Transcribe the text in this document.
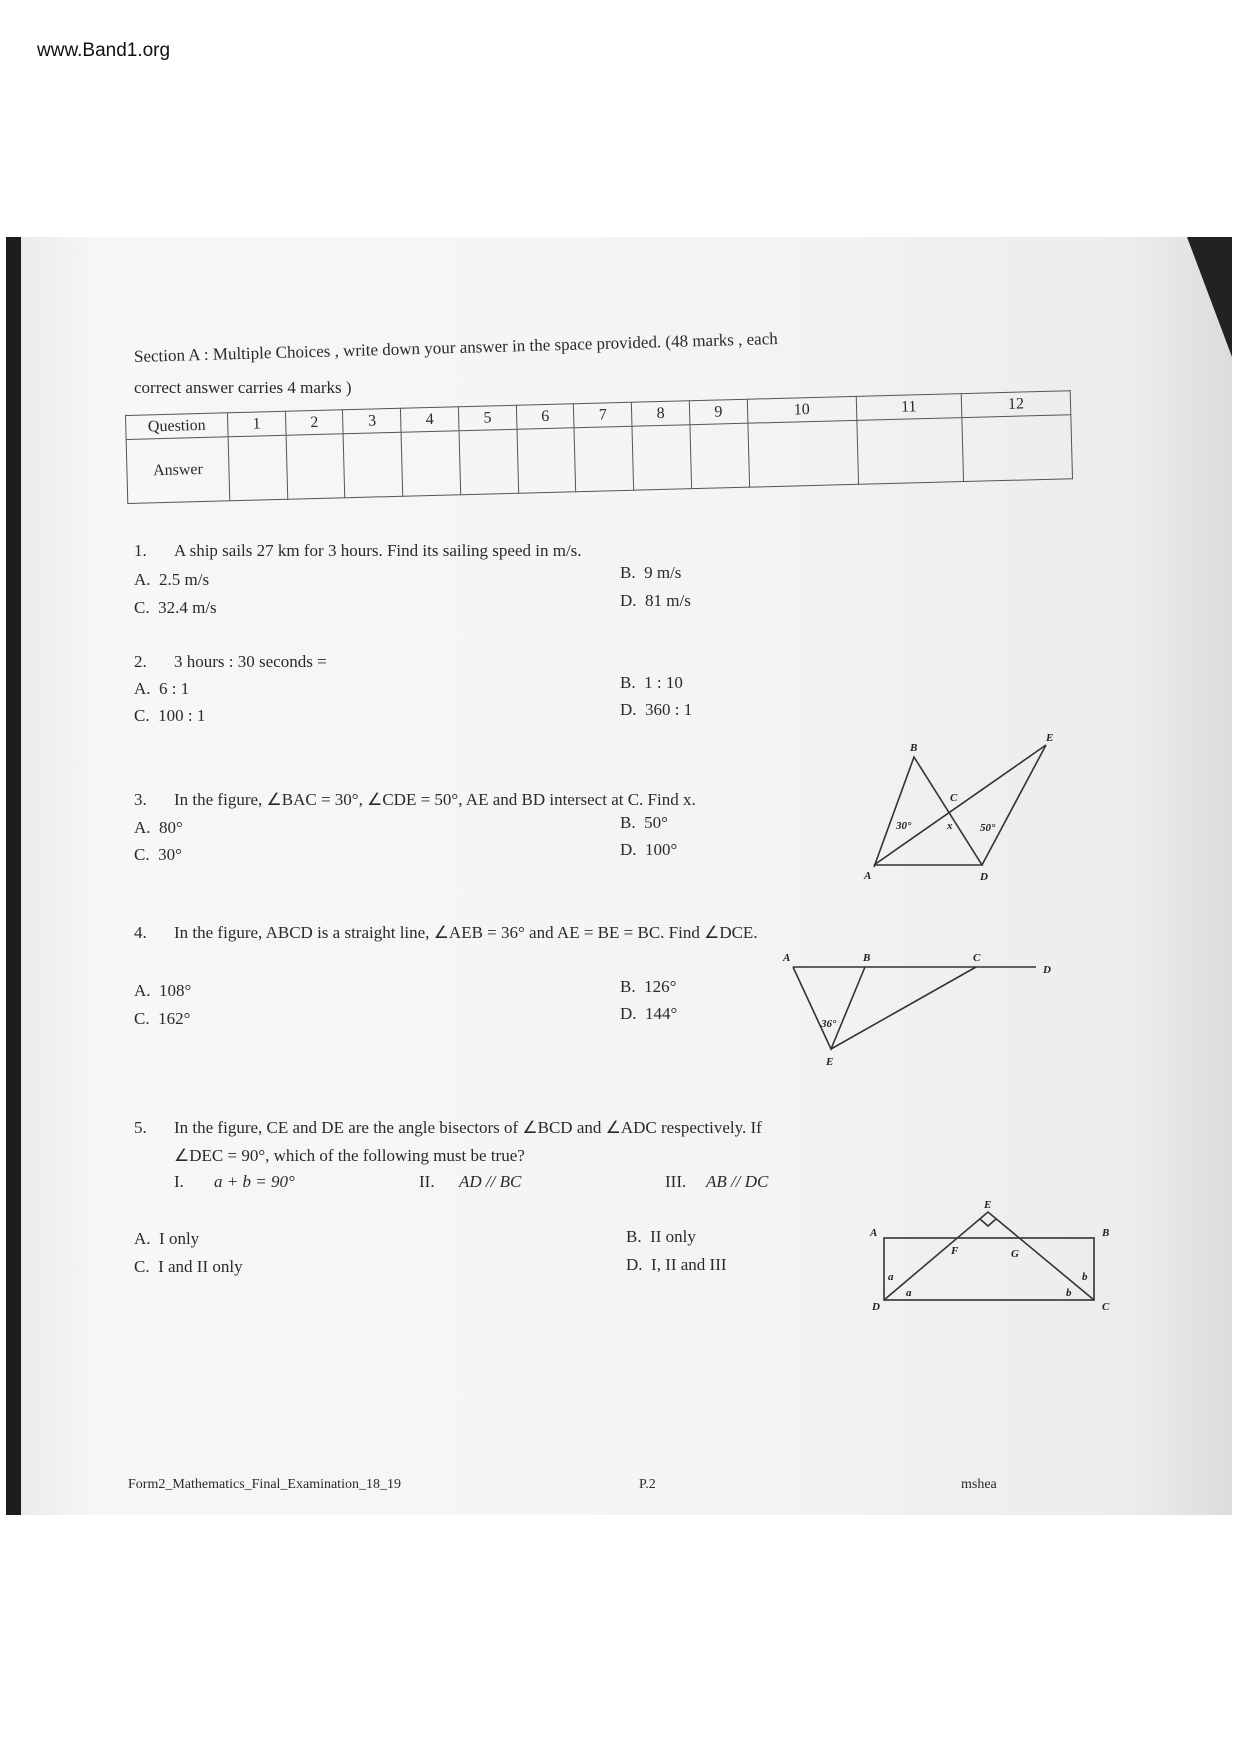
www.Band1.org
Section A : Multiple Choices , write down your answer in the space provided. (48 marks , each
correct answer carries 4 marks )
Question	1	2	3	4	5	6	7	8	9	10	11	12
Answer												
1. A ship sails 27 km for 3 hours. Find its sailing speed in m/s.
A. 2.5 m/s	B. 9 m/s
C. 32.4 m/s	D. 81 m/s
2. 3 hours : 30 seconds =
A. 6 : 1	B. 1 : 10
C. 100 : 1	D. 360 : 1
3. In the figure, ∠BAC = 30°, ∠CDE = 50°, AE and BD intersect at C. Find x.
A. 80°	B. 50°
C. 30°	D. 100°
A
B
C
D
E
x
30°	50°
4. In the figure, ABCD is a straight line, ∠AEB = 36° and AE = BE = BC. Find ∠DCE.
A. 108°	B. 126°
C. 162°	D. 144°
A	B	C
D
E
36°
5. In the figure, CE and DE are the angle bisectors of ∠BCD and ∠ADC respectively. If
∠DEC = 90°, which of the following must be true?
I. a + b = 90°	II. AD // BC	III. AB // DC
A. I only	B. II only
C. I and II only	D. I, II and III
A	B
C
D
E
F	G
a
a
b
b
Form2_Mathematics_Final_Examination_18_19	P.2	mshea
